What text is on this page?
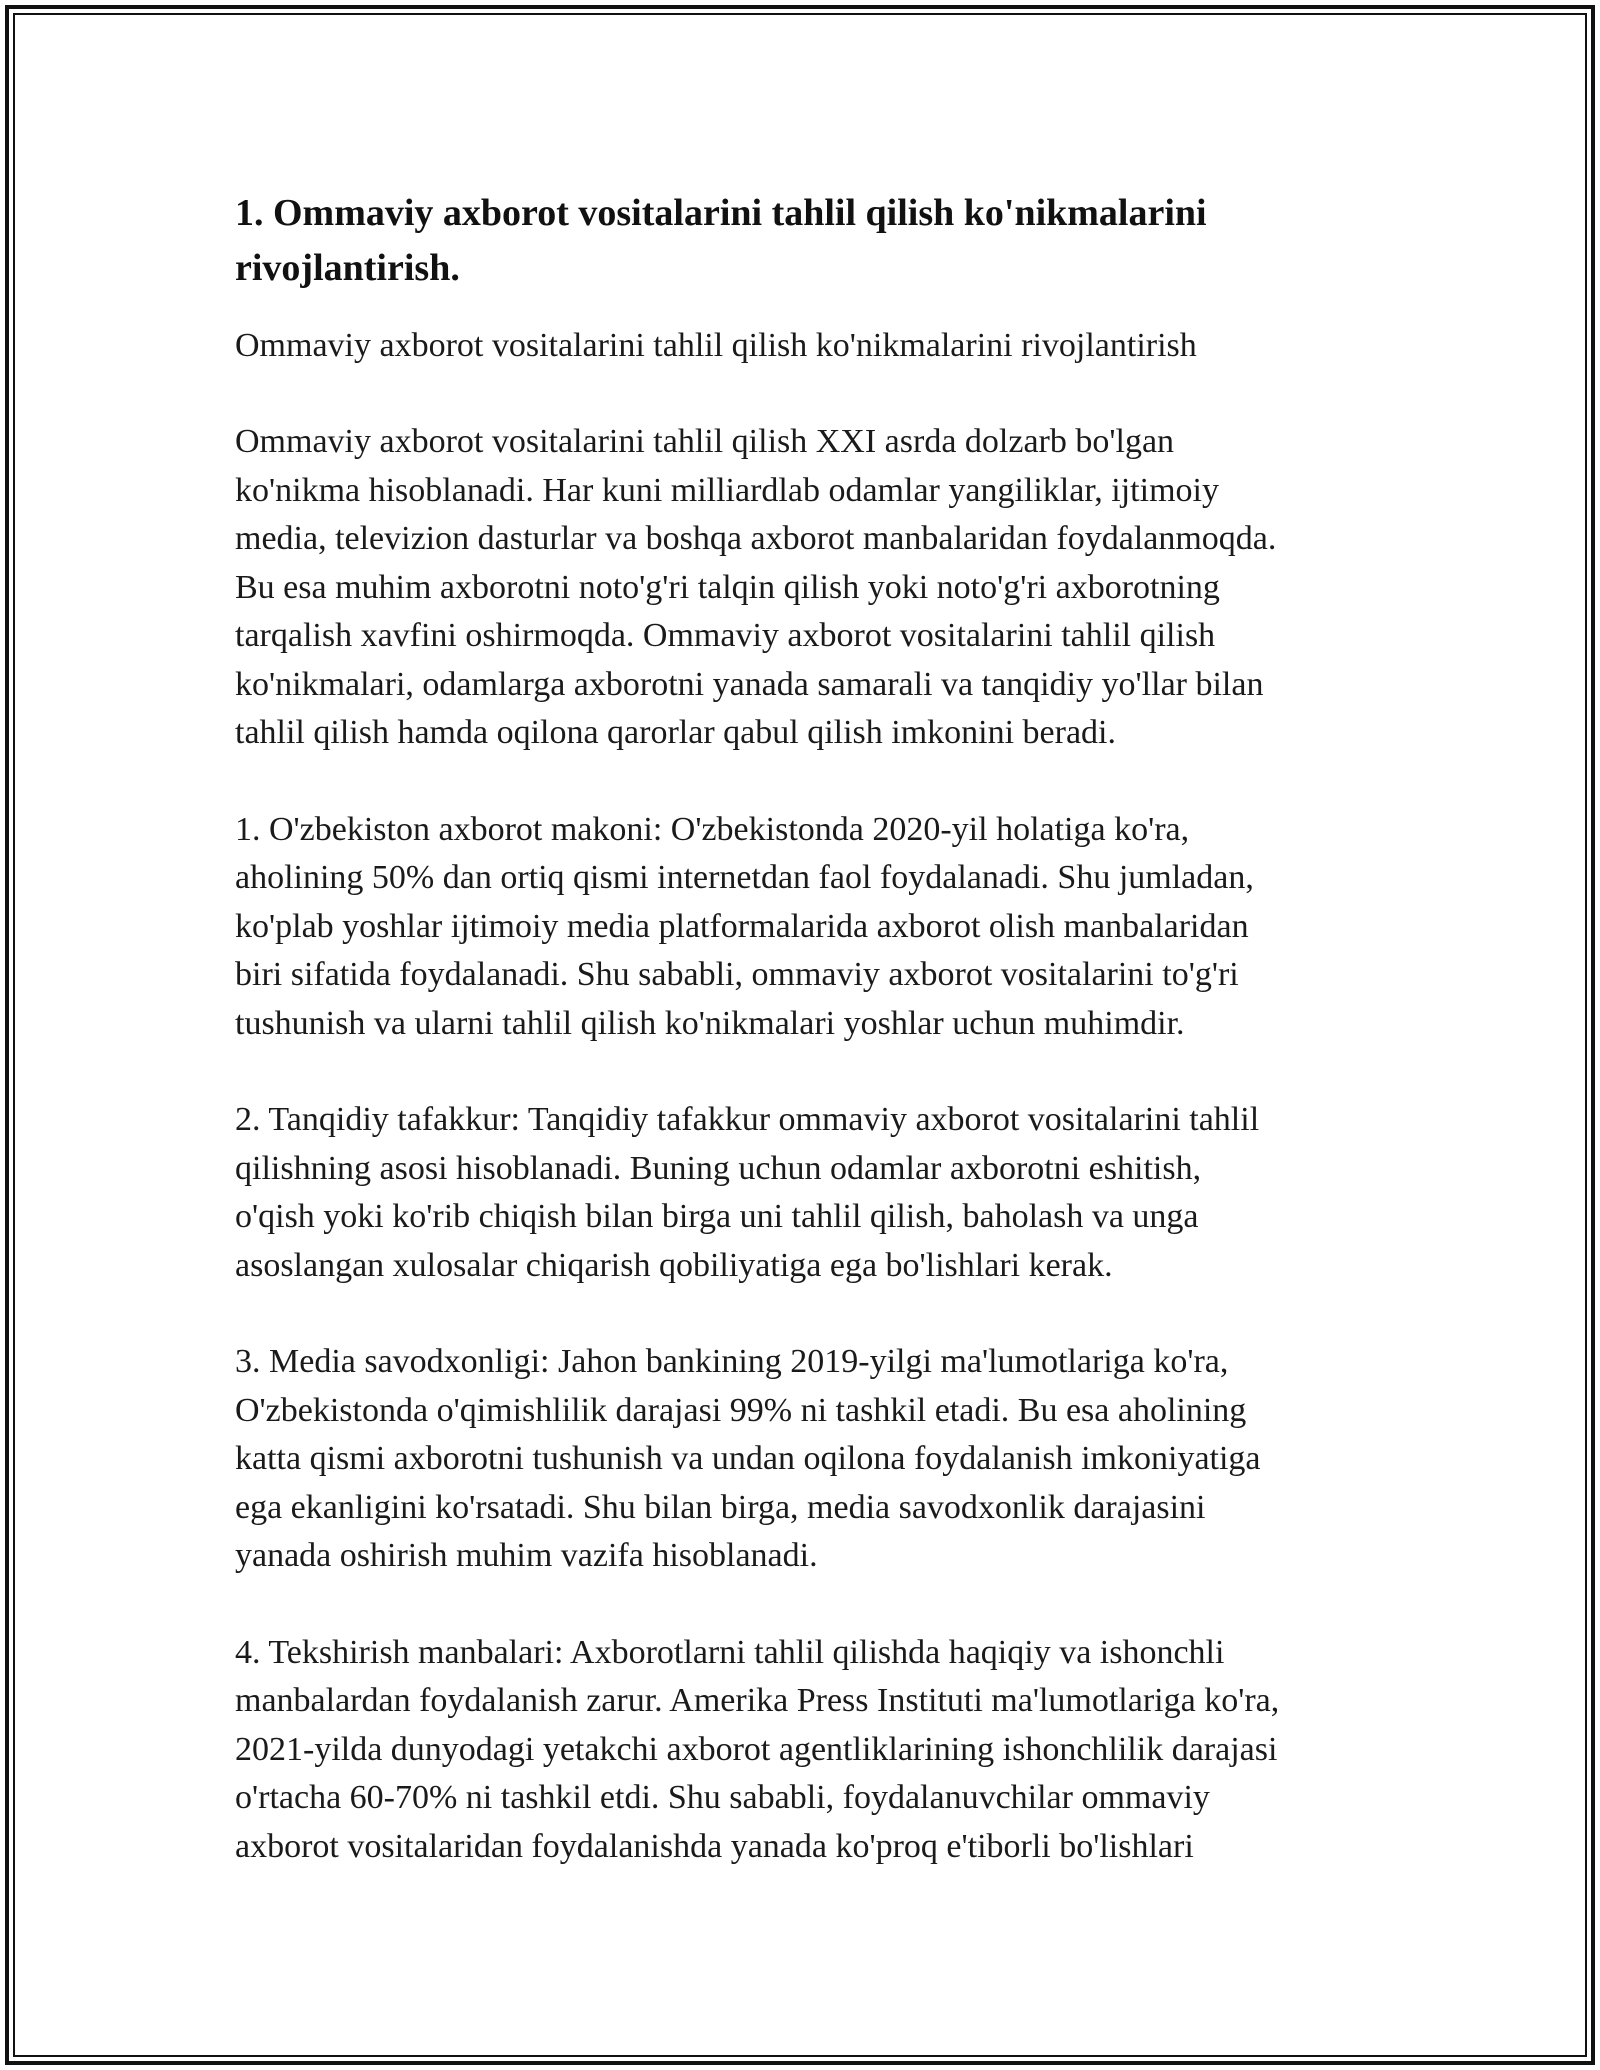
1. Ommaviy axborot vositalarini tahlil qilish ko'nikmalarini
rivojlantirish.

Ommaviy axborot vositalarini tahlil qilish ko'nikmalarini rivojlantirish

Ommaviy axborot vositalarini tahlil qilish XXI asrda dolzarb bo'lgan
ko'nikma hisoblanadi. Har kuni milliardlab odamlar yangiliklar, ijtimoiy
media, televizion dasturlar va boshqa axborot manbalaridan foydalanmoqda.
Bu esa muhim axborotni noto'g'ri talqin qilish yoki noto'g'ri axborotning
tarqalish xavfini oshirmoqda. Ommaviy axborot vositalarini tahlil qilish
ko'nikmalari, odamlarga axborotni yanada samarali va tanqidiy yo'llar bilan
tahlil qilish hamda oqilona qarorlar qabul qilish imkonini beradi.

1. O'zbekiston axborot makoni: O'zbekistonda 2020-yil holatiga ko'ra,
aholining 50% dan ortiq qismi internetdan faol foydalanadi. Shu jumladan,
ko'plab yoshlar ijtimoiy media platformalarida axborot olish manbalaridan
biri sifatida foydalanadi. Shu sababli, ommaviy axborot vositalarini to'g'ri
tushunish va ularni tahlil qilish ko'nikmalari yoshlar uchun muhimdir.

2. Tanqidiy tafakkur: Tanqidiy tafakkur ommaviy axborot vositalarini tahlil
qilishning asosi hisoblanadi. Buning uchun odamlar axborotni eshitish,
o'qish yoki ko'rib chiqish bilan birga uni tahlil qilish, baholash va unga
asoslangan xulosalar chiqarish qobiliyatiga ega bo'lishlari kerak.

3. Media savodxonligi: Jahon bankining 2019-yilgi ma'lumotlariga ko'ra,
O'zbekistonda o'qimishlilik darajasi 99% ni tashkil etadi. Bu esa aholining
katta qismi axborotni tushunish va undan oqilona foydalanish imkoniyatiga
ega ekanligini ko'rsatadi. Shu bilan birga, media savodxonlik darajasini
yanada oshirish muhim vazifa hisoblanadi.

4. Tekshirish manbalari: Axborotlarni tahlil qilishda haqiqiy va ishonchli
manbalardan foydalanish zarur. Amerika Press Instituti ma'lumotlariga ko'ra,
2021-yilda dunyodagi yetakchi axborot agentliklarining ishonchlilik darajasi
o'rtacha 60-70% ni tashkil etdi. Shu sababli, foydalanuvchilar ommaviy
axborot vositalaridan foydalanishda yanada ko'proq e'tiborli bo'lishlari
